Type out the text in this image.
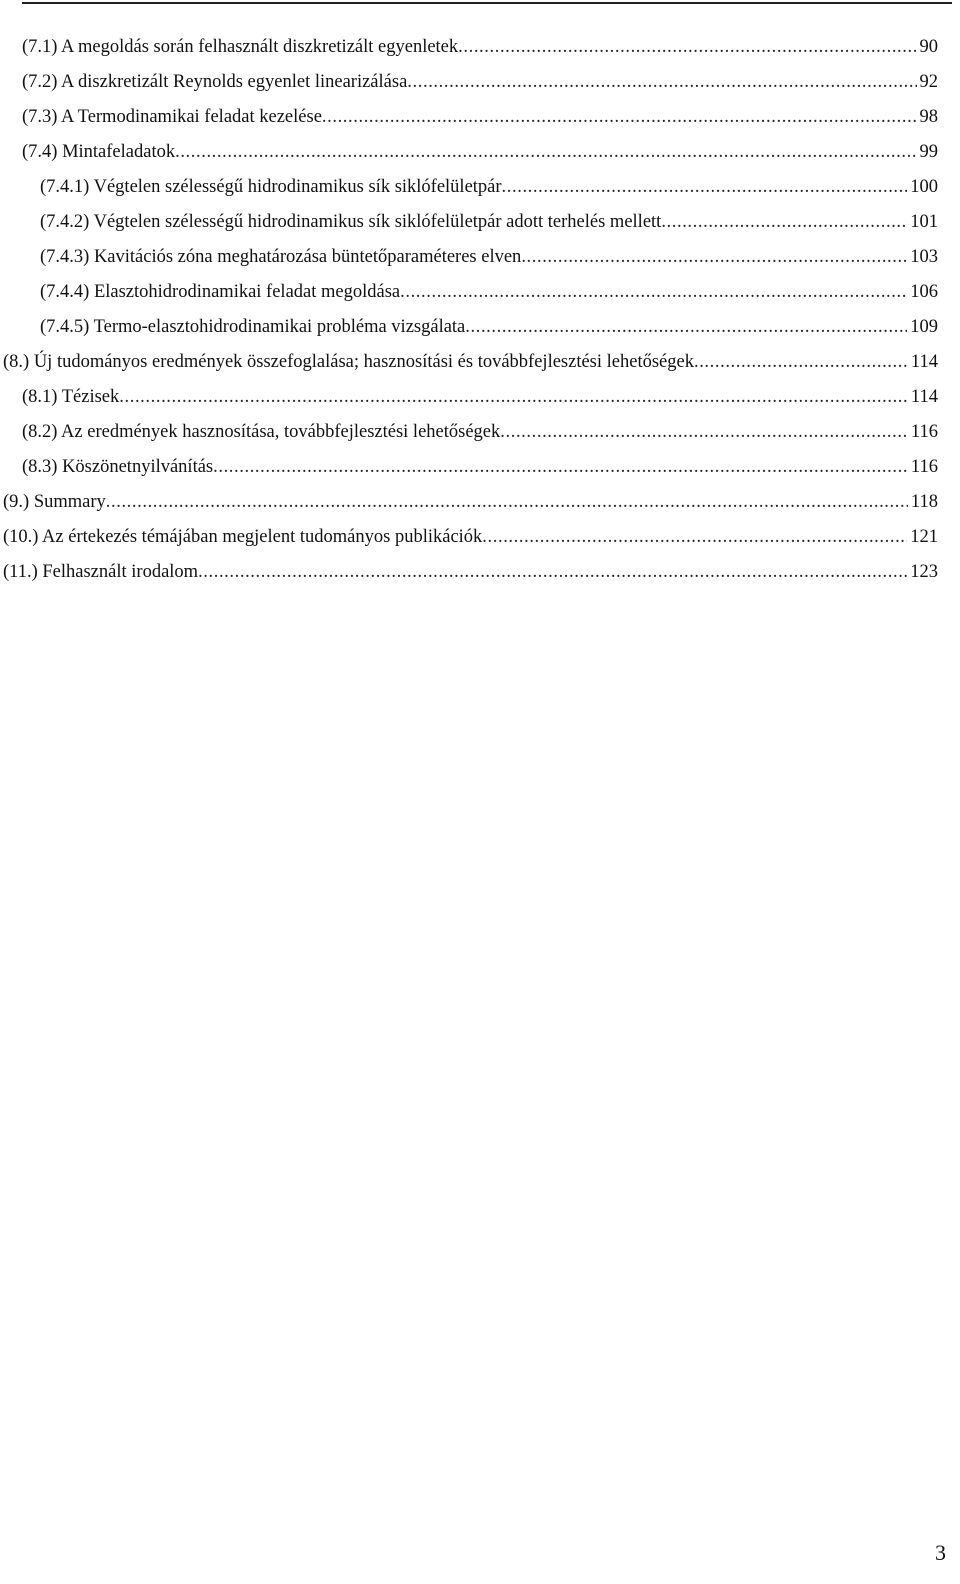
(7.1) A megoldás során felhasznált diszkretizált egyenletek .....	90
(7.2) A diszkretizált Reynolds egyenlet linearizálása .....	92
(7.3) A Termodinamikai feladat kezelése .....	98
(7.4) Mintafeladatok .....	99
(7.4.1) Végtelen szélességű hidrodinamikus sík siklófelületpár .....	100
(7.4.2) Végtelen szélességű hidrodinamikus sík siklófelületpár adott terhelés mellett .....	101
(7.4.3) Kavitációs zóna meghatározása büntetőparaméteres elven .....	103
(7.4.4) Elasztohidrodinamikai feladat megoldása .....	106
(7.4.5) Termo-elasztohidrodinamikai probléma vizsgálata .....	109
(8.) Új tudományos eredmények összefoglalása; hasznosítási és továbbfejlesztési lehetőségek .....	114
(8.1) Tézisek .....	114
(8.2) Az eredmények hasznosítása, továbbfejlesztési lehetőségek .....	116
(8.3) Köszönetnyilvánítás .....	116
(9.) Summary .....	118
(10.) Az értekezés témájában megjelent tudományos publikációk .....	121
(11.) Felhasznált irodalom .....	123
3
